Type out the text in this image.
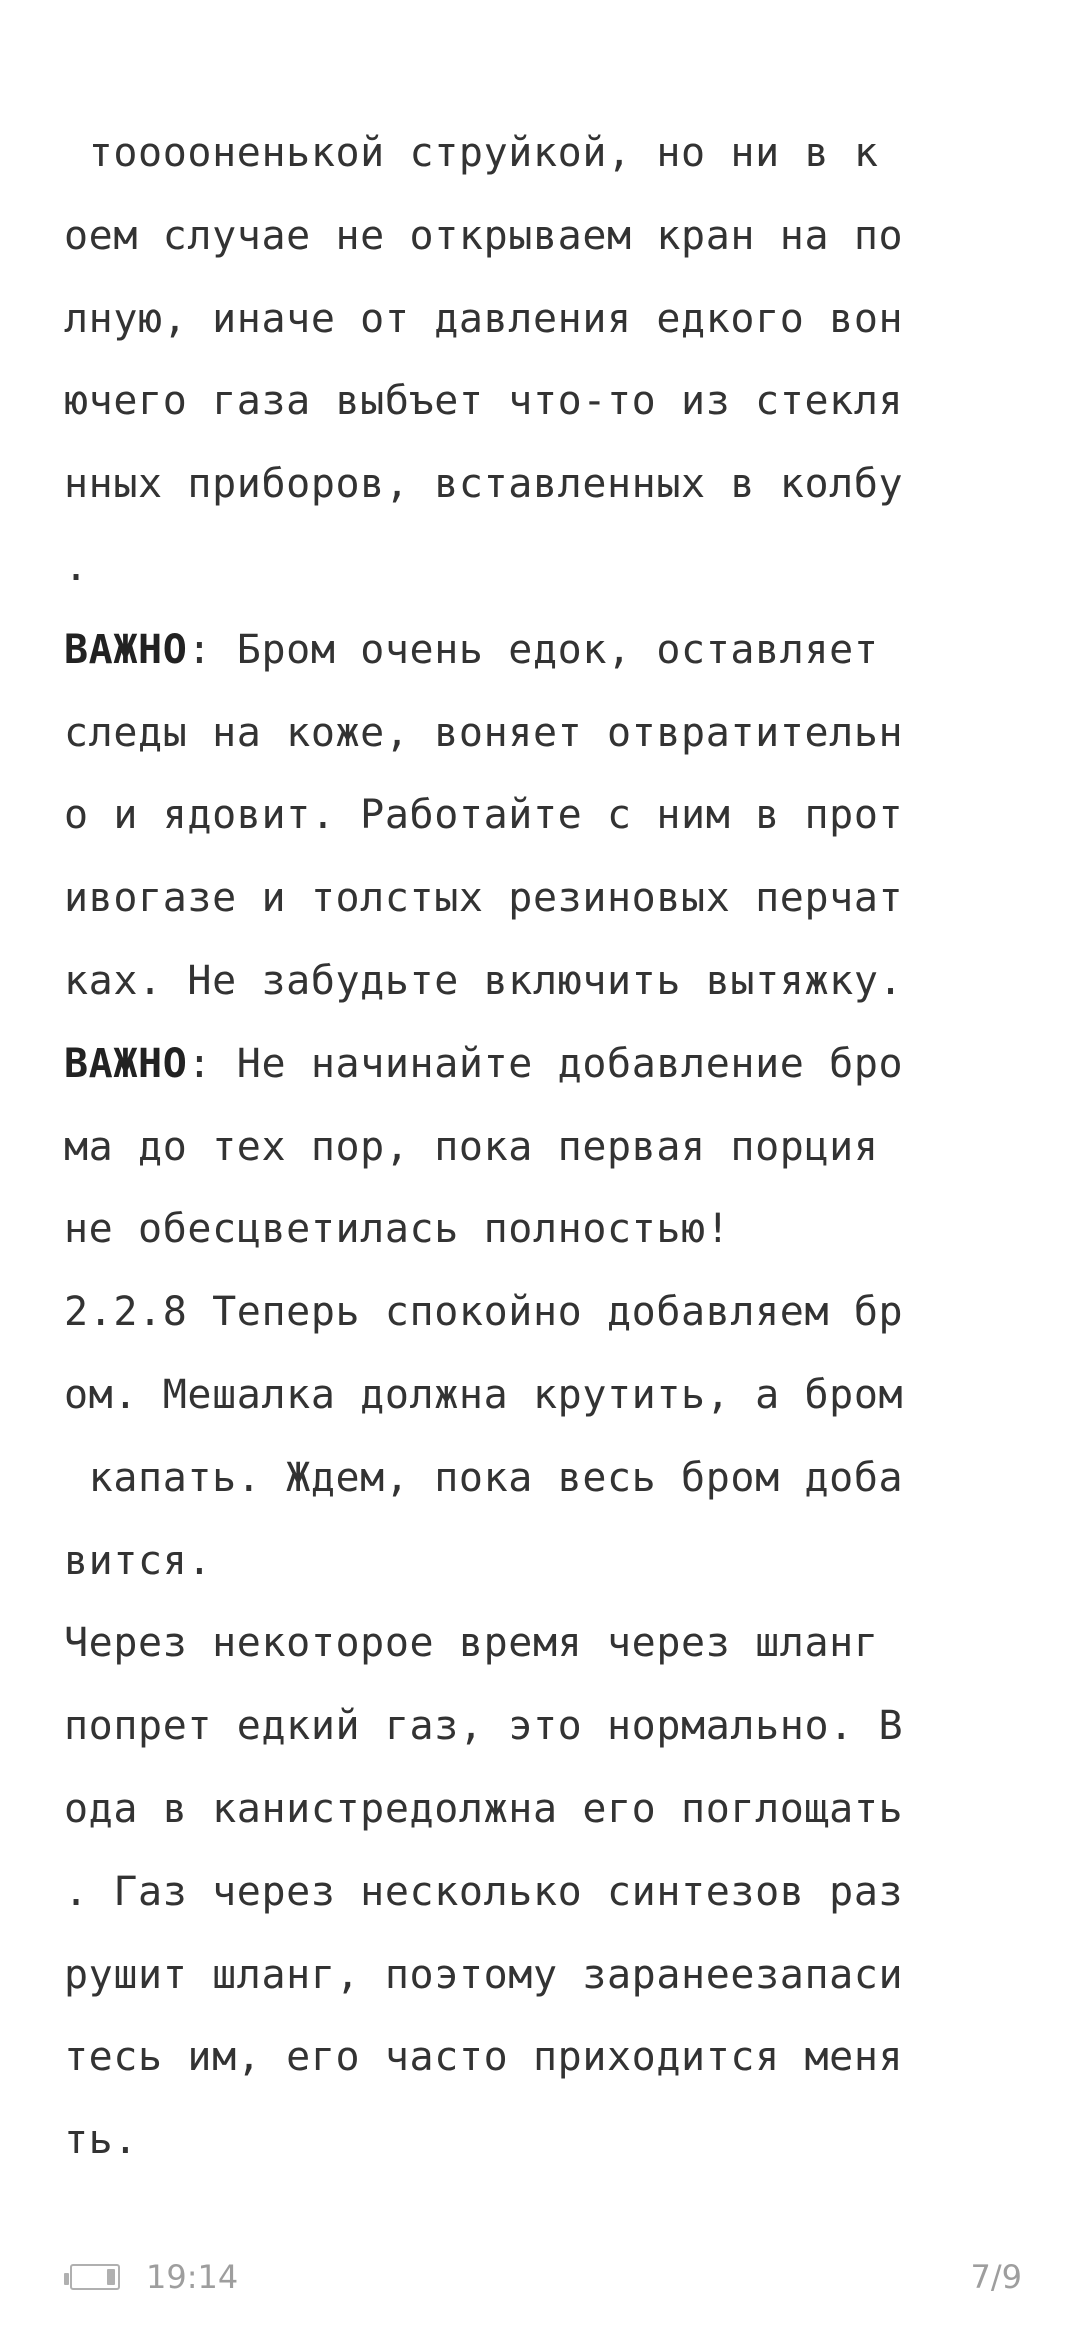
тооооненькой струйкой, но ни в к
оем случае не открываем кран на по
лную, иначе от давления едкого вон
ючего газа выбъет что-то из стекля
нных приборов, вставленных в колбу
.
ВАЖНО: Бром очень едок, оставляет
следы на коже, воняет отвратительн
о и ядовит. Работайте с ним в прот
ивогазе и толстых резиновых перчат
ках. Не забудьте включить вытяжку.
ВАЖНО: Не начинайте добавление бро
ма до тех пор, пока первая порция
не обесцветилась полностью!
2.2.8 Теперь спокойно добавляем бр
ом. Мешалка должна крутить, а бром
капать. Ждем, пока весь бром доба
вится.
Через некоторое время через шланг
попрет едкий газ, это нормально. В
ода в канистредолжна его поглощать
. Газ через несколько синтезов раз
рушит шланг, поэтому заранеезапаси
тесь им, его часто приходится меня
ть.
19:14	7/9
